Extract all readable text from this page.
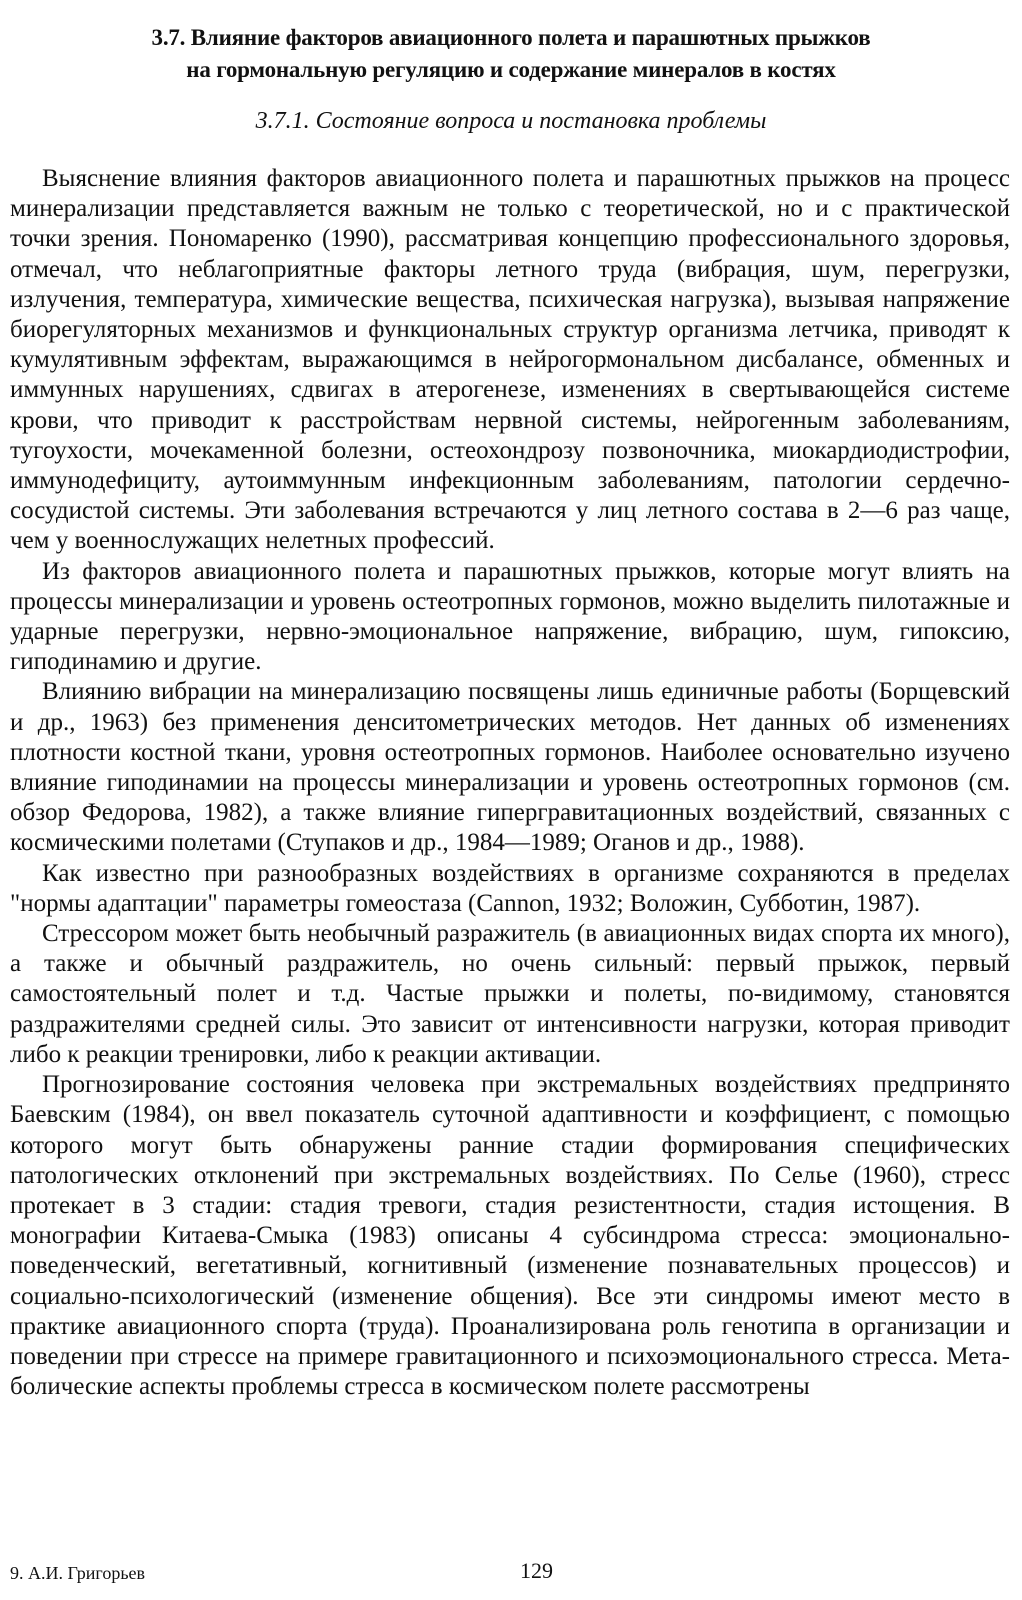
3.7. Влияние факторов авиационного полета и парашютных прыжков
на гормональную регуляцию и содержание минералов в костях
3.7.1. Состояние вопроса и постановка проблемы

Выяснение влияния факторов авиационного полета и парашютных прыжков на процесс минерализации представляется важным не только с теоретической, но и с практической точки зрения. Пономаренко (1990), рассматривая концепцию профессионального здоровья, отмечал, что неблагоприятные факторы летного труда (вибрация, шум, перегрузки, излучения, температура, химические вещества, психическая нагрузка), вызывая напряжение биорегуляторных механизмов и функциональных структур организма летчика, приводят к кумулятивным эффектам, выражающимся в нейрогормональном дисбалансе, обменных и иммунных нарушениях, сдвигах в атерогенезе, изменениях в свертывающейся системе крови, что приводит к расстройствам нервной системы, нейрогенным заболеваниям, тугоухости, мочекаменной болезни, остеохондрозу позвоночника, миокардиодистрофии, иммунодефициту, аутоиммунным инфекционным заболеваниям, патологии сердечно-сосудистой системы. Эти заболевания встречаются у лиц летного состава в 2—6 раз чаще, чем у военнослужащих нелетных профессий.

Из факторов авиационного полета и парашютных прыжков, которые могут влиять на процессы минерализации и уровень остеотропных гормонов, можно выделить пилотажные и ударные перегрузки, нервно-эмоциональное напряжение, вибрацию, шум, гипоксию, гиподинамию и другие.

Влиянию вибрации на минерализацию посвящены лишь единичные работы (Борщевский и др., 1963) без применения денситометрических методов. Нет данных об изменениях плотности костной ткани, уровня остеотропных гормонов. Наиболее основательно изучено влияние гиподинамии на процессы минерализации и уровень остеотропных гормонов (см. обзор Федорова, 1982), а также влияние гипергравитационных воздействий, связанных с космическими полетами (Ступаков и др., 1984—1989; Оганов и др., 1988).

Как известно при разнообразных воздействиях в организме сохраняются в пределах "нормы адаптации" параметры гомеостаза (Cannon, 1932; Воложин, Субботин, 1987).

Стрессором может быть необычный разражитель (в авиационных видах спорта их много), а также и обычный раздражитель, но очень сильный: первый прыжок, первый самостоятельный полет и т.д. Частые прыжки и полеты, по-видимому, становятся раздражителями средней силы. Это зависит от интенсивности нагрузки, которая приводит либо к реакции тренировки, либо к реакции активации.

Прогнозирование состояния человека при экстремальных воздействиях предпринято Баевским (1984), он ввел показатель суточной адаптивности и коэффициент, с помощью которого могут быть обнаружены ранние стадии формирования специфических патологических отклонений при экстремальных воздействиях. По Селье (1960), стресс протекает в 3 стадии: стадия тревоги, стадия резистентности, стадия истощения. В монографии Китаева-Смыка (1983) описаны 4 субсиндрома стресса: эмоционально-поведенческий, вегетативный, когнитивный (изменение познавательных процессов) и социально-психологический (изменение общения). Все эти синдромы имеют место в практике авиационного спорта (труда). Проанализирована роль генотипа в организации и поведении при стрессе на примере гравитационного и психоэмоционального стресса. Метаболические аспекты проблемы стресса в космическом полете рассмотрены

9. А.И. Григорьев	129
